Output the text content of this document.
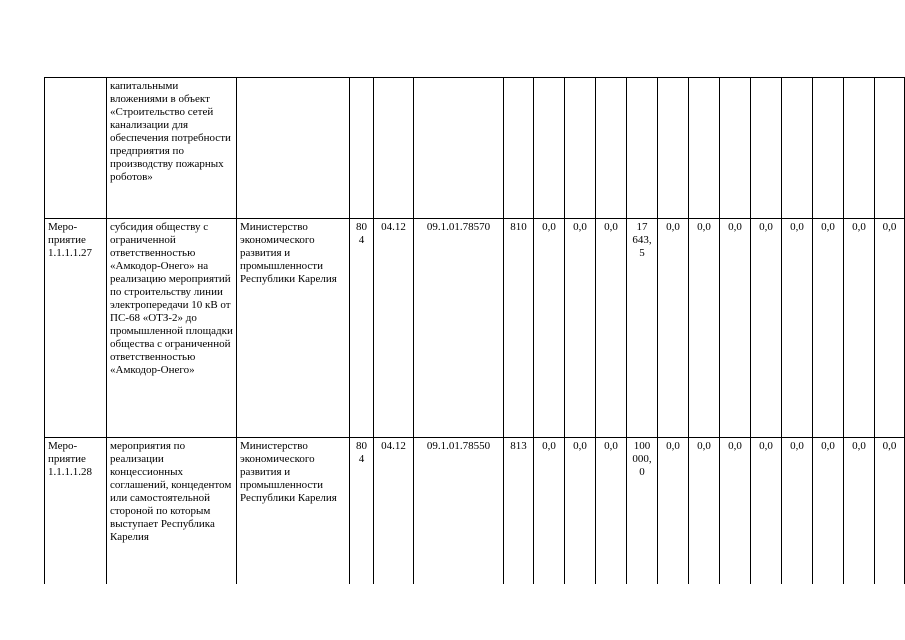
	капитальными вложениями в объект «Строительство сетей канализации для обеспечения потребности предприятия по производству пожарных роботов»																		
Меро-приятие 1.1.1.1.27	субсидия обществу с ограниченной ответственностью «Амкодор-Онего» на реализацию мероприятий по строительству линии электропередачи 10 кВ от ПС-68 «ОТЗ-2» до промышленной площадки общества с ограниченной ответственностью «Амкодор-Онего»	Министерство экономического развития и промышленности Республики Карелия	80 4	04.12	09.1.01.78570	810	0,0	0,0	0,0	17 643, 5	0,0	0,0	0,0	0,0	0,0	0,0	0,0	0,0	
Меро-приятие 1.1.1.1.28	мероприятия по реализации концессионных соглашений, концедентом или самостоятельной стороной по которым выступает Республика Карелия	Министерство экономического развития и промышленности Республики Карелия	80 4	04.12	09.1.01.78550	813	0,0	0,0	0,0	100 000, 0	0,0	0,0	0,0	0,0	0,0	0,0	0,0	0,0	
